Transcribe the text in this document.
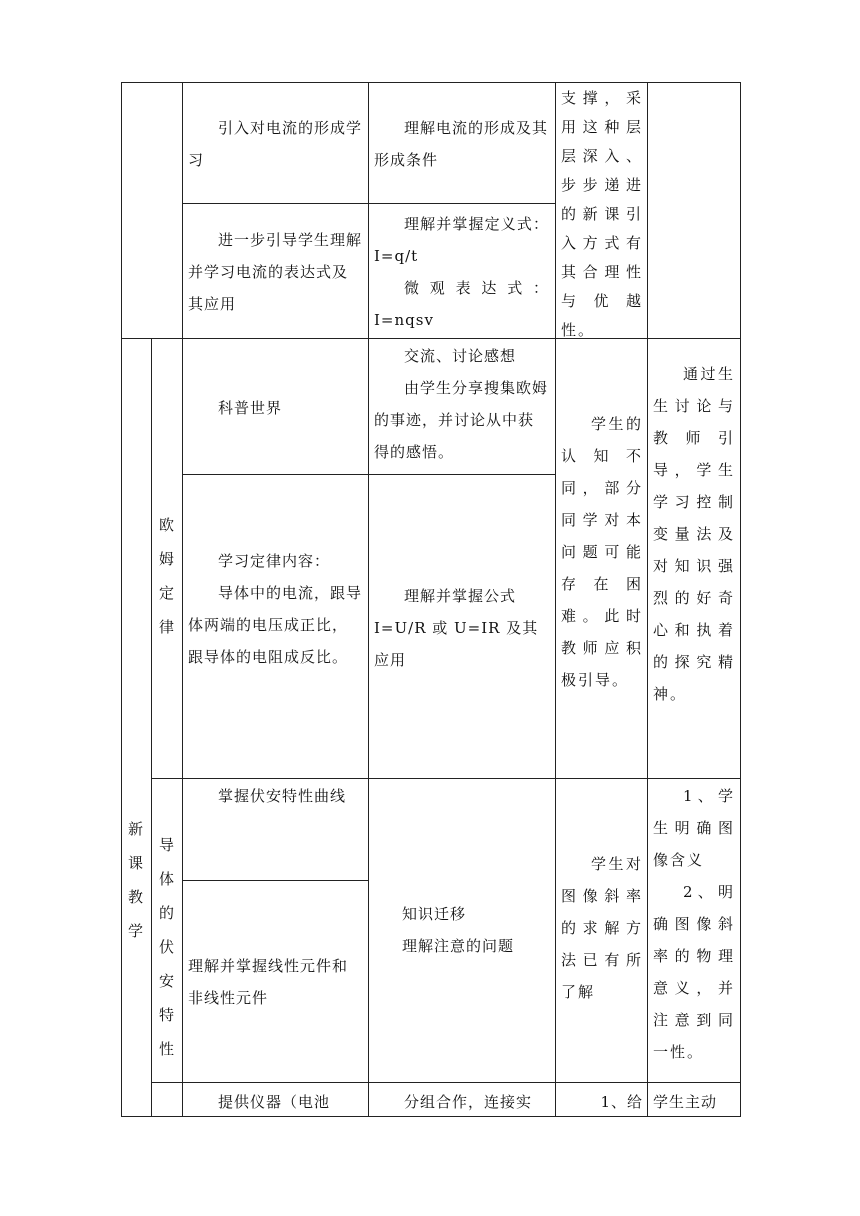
引入对电流的形成学习

理解电流的形成及其形成条件

支撑，采用这种层层深入、步步递进的新课引入方式有其合理性与优越性。

进一步引导学生理解并学习电流的表达式及其应用

理解并掌握定义式：I=q/t

微观表达式：I=nqsv

新课教学

欧姆定律

科普世界

交流、讨论感想

由学生分享搜集欧姆的事迹，并讨论从中获得的感悟。

学习定律内容：

导体中的电流，跟导体两端的电压成正比，跟导体的电阻成反比。

理解并掌握公式I=U/R 或 U=IR 及其应用

学生的认知不同，部分同学对本问题可能存在困难。此时教师应积极引导。

通过生生讨论与教师引导，学生学习控制变量法及对知识强烈的好奇心和执着的探究精神。

导体的伏安特性

掌握伏安特性曲线

理解并掌握线性元件和非线性元件

知识迁移

理解注意的问题

学生对图像斜率的求解方法已有所了解

1、学生明确图像含义

2、明确图像斜率的物理意义，并注意到同一性。

提供仪器（电池	分组合作，连接实	1、给 学生主动
